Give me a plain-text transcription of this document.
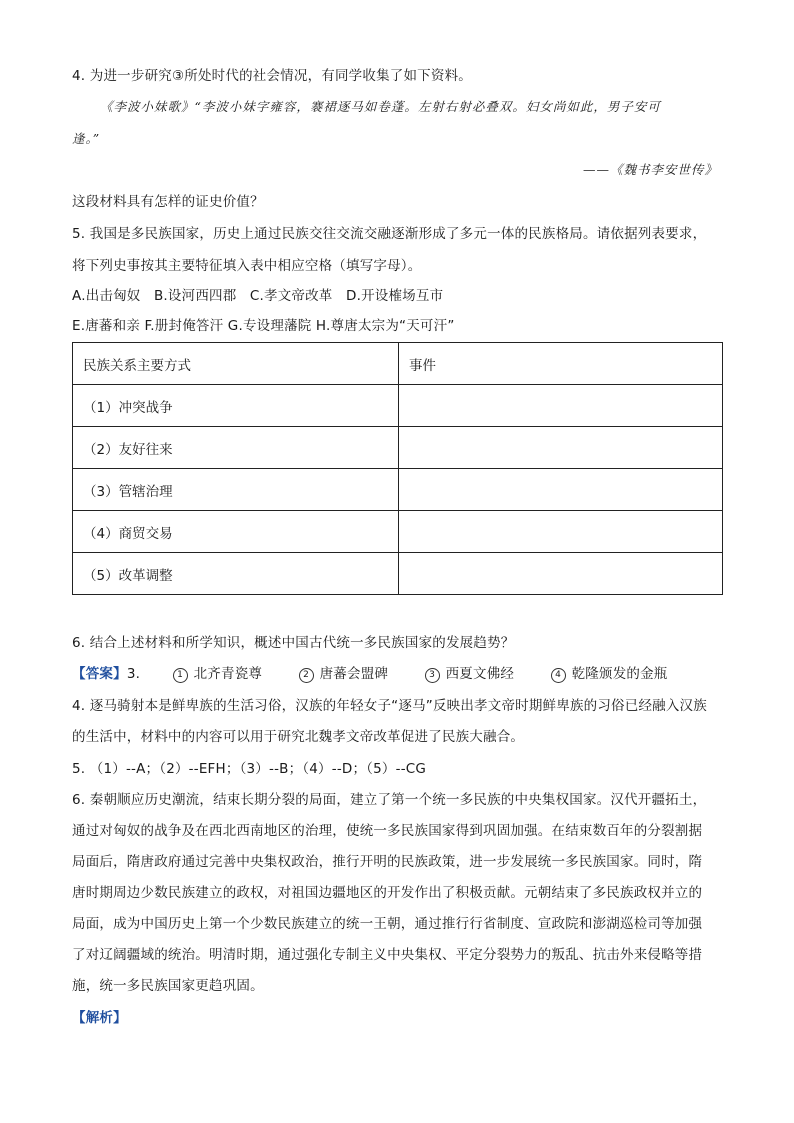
4. 为进一步研究③所处时代的社会情况，有同学收集了如下资料。
《李波小妹歌》“李波小妹字雍容，褰裙逐马如卷蓬。左射右射必叠双。妇女尚如此，男子安可
逢。”
——《魏书李安世传》
这段材料具有怎样的证史价值？
5. 我国是多民族国家，历史上通过民族交往交流交融逐渐形成了多元一体的民族格局。请依据列表要求，
将下列史事按其主要特征填入表中相应空格（填写字母）。
A.出击匈奴   B.设河西四郡   C.孝文帝改革   D.开设榷场互市
E.唐蕃和亲 F.册封俺答汗 G.专设理藩院 H.尊唐太宗为“天可汗”
民族关系主要方式	事件
（1）冲突战争	
（2）友好往来	
（3）管辖治理	
（4）商贸交易	
（5）改革调整	
6. 结合上述材料和所学知识，概述中国古代统一多民族国家的发展趋势？
【答案】3.	1 北齐青瓷尊	2 唐蕃会盟碑	3 西夏文佛经	4 乾隆颁发的金瓶
4. 逐马骑射本是鲜卑族的生活习俗，汉族的年轻女子“逐马”反映出孝文帝时期鲜卑族的习俗已经融入汉族
的生活中，材料中的内容可以用于研究北魏孝文帝改革促进了民族大融合。
5. （1）--A；（2）--EFH；（3）--B；（4）--D；（5）--CG
6. 秦朝顺应历史潮流，结束长期分裂的局面，建立了第一个统一多民族的中央集权国家。汉代开疆拓土，
通过对匈奴的战争及在西北西南地区的治理，使统一多民族国家得到巩固加强。在结束数百年的分裂割据
局面后，隋唐政府通过完善中央集权政治，推行开明的民族政策，进一步发展统一多民族国家。同时，隋
唐时期周边少数民族建立的政权，对祖国边疆地区的开发作出了积极贡献。元朝结束了多民族政权并立的
局面，成为中国历史上第一个少数民族建立的统一王朝，通过推行行省制度、宣政院和澎湖巡检司等加强
了对辽阔疆域的统治。明清时期，通过强化专制主义中央集权、平定分裂势力的叛乱、抗击外来侵略等措
施，统一多民族国家更趋巩固。
【解析】
